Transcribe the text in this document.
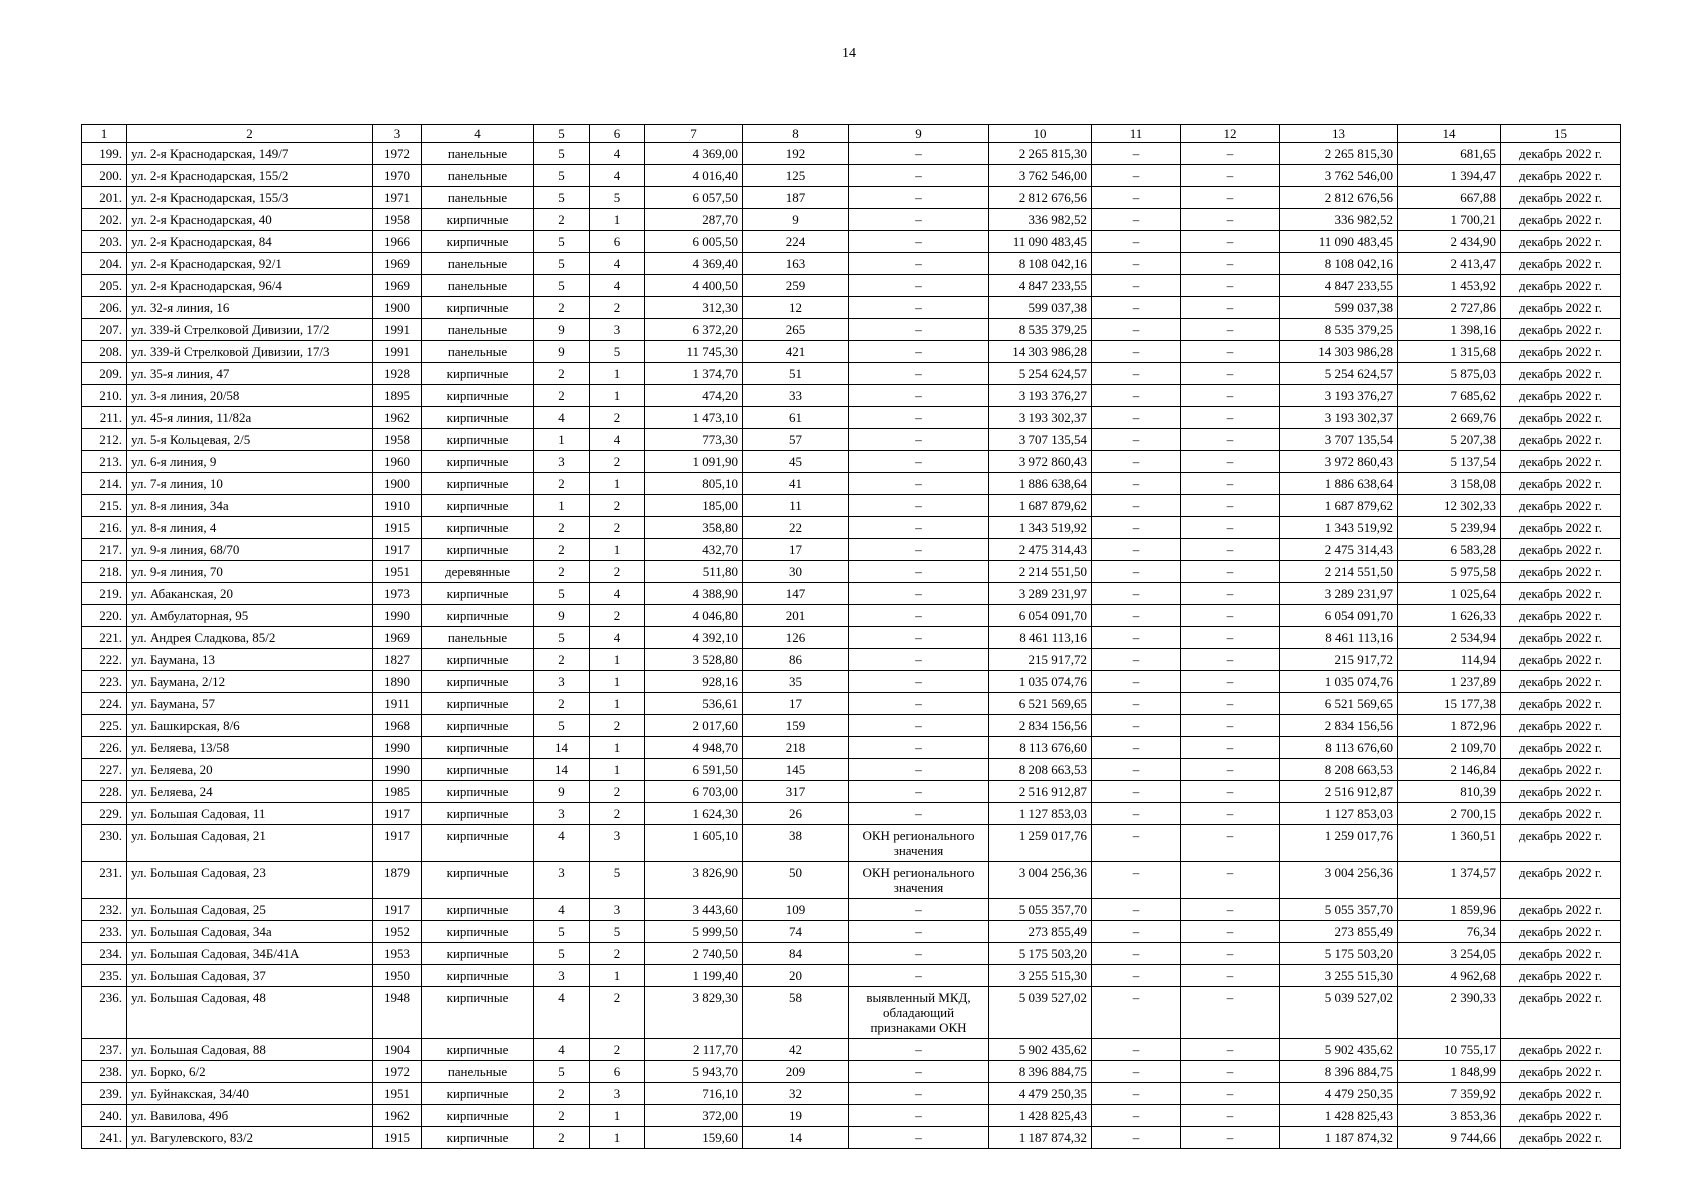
14
1	2	3	4	5	6	7	8	9	10	11	12	13	14	15
199.	ул. 2-я Краснодарская, 149/7	1972	панельные	5	4	4 369,00	192	–	2 265 815,30	–	–	2 265 815,30	681,65	декабрь 2022 г.
200.	ул. 2-я Краснодарская, 155/2	1970	панельные	5	4	4 016,40	125	–	3 762 546,00	–	–	3 762 546,00	1 394,47	декабрь 2022 г.
201.	ул. 2-я Краснодарская, 155/3	1971	панельные	5	5	6 057,50	187	–	2 812 676,56	–	–	2 812 676,56	667,88	декабрь 2022 г.
202.	ул. 2-я Краснодарская, 40	1958	кирпичные	2	1	287,70	9	–	336 982,52	–	–	336 982,52	1 700,21	декабрь 2022 г.
203.	ул. 2-я Краснодарская, 84	1966	кирпичные	5	6	6 005,50	224	–	11 090 483,45	–	–	11 090 483,45	2 434,90	декабрь 2022 г.
204.	ул. 2-я Краснодарская, 92/1	1969	панельные	5	4	4 369,40	163	–	8 108 042,16	–	–	8 108 042,16	2 413,47	декабрь 2022 г.
205.	ул. 2-я Краснодарская, 96/4	1969	панельные	5	4	4 400,50	259	–	4 847 233,55	–	–	4 847 233,55	1 453,92	декабрь 2022 г.
206.	ул. 32-я линия, 16	1900	кирпичные	2	2	312,30	12	–	599 037,38	–	–	599 037,38	2 727,86	декабрь 2022 г.
207.	ул. 339-й Стрелковой Дивизии, 17/2	1991	панельные	9	3	6 372,20	265	–	8 535 379,25	–	–	8 535 379,25	1 398,16	декабрь 2022 г.
208.	ул. 339-й Стрелковой Дивизии, 17/3	1991	панельные	9	5	11 745,30	421	–	14 303 986,28	–	–	14 303 986,28	1 315,68	декабрь 2022 г.
209.	ул. 35-я линия, 47	1928	кирпичные	2	1	1 374,70	51	–	5 254 624,57	–	–	5 254 624,57	5 875,03	декабрь 2022 г.
210.	ул. 3-я линия, 20/58	1895	кирпичные	2	1	474,20	33	–	3 193 376,27	–	–	3 193 376,27	7 685,62	декабрь 2022 г.
211.	ул. 45-я линия, 11/82а	1962	кирпичные	4	2	1 473,10	61	–	3 193 302,37	–	–	3 193 302,37	2 669,76	декабрь 2022 г.
212.	ул. 5-я Кольцевая, 2/5	1958	кирпичные	1	4	773,30	57	–	3 707 135,54	–	–	3 707 135,54	5 207,38	декабрь 2022 г.
213.	ул. 6-я линия, 9	1960	кирпичные	3	2	1 091,90	45	–	3 972 860,43	–	–	3 972 860,43	5 137,54	декабрь 2022 г.
214.	ул. 7-я линия, 10	1900	кирпичные	2	1	805,10	41	–	1 886 638,64	–	–	1 886 638,64	3 158,08	декабрь 2022 г.
215.	ул. 8-я линия, 34а	1910	кирпичные	1	2	185,00	11	–	1 687 879,62	–	–	1 687 879,62	12 302,33	декабрь 2022 г.
216.	ул. 8-я линия, 4	1915	кирпичные	2	2	358,80	22	–	1 343 519,92	–	–	1 343 519,92	5 239,94	декабрь 2022 г.
217.	ул. 9-я линия, 68/70	1917	кирпичные	2	1	432,70	17	–	2 475 314,43	–	–	2 475 314,43	6 583,28	декабрь 2022 г.
218.	ул. 9-я линия, 70	1951	деревянные	2	2	511,80	30	–	2 214 551,50	–	–	2 214 551,50	5 975,58	декабрь 2022 г.
219.	ул. Абаканская, 20	1973	кирпичные	5	4	4 388,90	147	–	3 289 231,97	–	–	3 289 231,97	1 025,64	декабрь 2022 г.
220.	ул. Амбулаторная, 95	1990	кирпичные	9	2	4 046,80	201	–	6 054 091,70	–	–	6 054 091,70	1 626,33	декабрь 2022 г.
221.	ул. Андрея Сладкова, 85/2	1969	панельные	5	4	4 392,10	126	–	8 461 113,16	–	–	8 461 113,16	2 534,94	декабрь 2022 г.
222.	ул. Баумана, 13	1827	кирпичные	2	1	3 528,80	86	–	215 917,72	–	–	215 917,72	114,94	декабрь 2022 г.
223.	ул. Баумана, 2/12	1890	кирпичные	3	1	928,16	35	–	1 035 074,76	–	–	1 035 074,76	1 237,89	декабрь 2022 г.
224.	ул. Баумана, 57	1911	кирпичные	2	1	536,61	17	–	6 521 569,65	–	–	6 521 569,65	15 177,38	декабрь 2022 г.
225.	ул. Башкирская, 8/6	1968	кирпичные	5	2	2 017,60	159	–	2 834 156,56	–	–	2 834 156,56	1 872,96	декабрь 2022 г.
226.	ул. Беляева, 13/58	1990	кирпичные	14	1	4 948,70	218	–	8 113 676,60	–	–	8 113 676,60	2 109,70	декабрь 2022 г.
227.	ул. Беляева, 20	1990	кирпичные	14	1	6 591,50	145	–	8 208 663,53	–	–	8 208 663,53	2 146,84	декабрь 2022 г.
228.	ул. Беляева, 24	1985	кирпичные	9	2	6 703,00	317	–	2 516 912,87	–	–	2 516 912,87	810,39	декабрь 2022 г.
229.	ул. Большая Садовая, 11	1917	кирпичные	3	2	1 624,30	26	–	1 127 853,03	–	–	1 127 853,03	2 700,15	декабрь 2022 г.
230.	ул. Большая Садовая, 21	1917	кирпичные	4	3	1 605,10	38	ОКН регионального значения	1 259 017,76	–	–	1 259 017,76	1 360,51	декабрь 2022 г.
231.	ул. Большая Садовая, 23	1879	кирпичные	3	5	3 826,90	50	ОКН регионального значения	3 004 256,36	–	–	3 004 256,36	1 374,57	декабрь 2022 г.
232.	ул. Большая Садовая, 25	1917	кирпичные	4	3	3 443,60	109	–	5 055 357,70	–	–	5 055 357,70	1 859,96	декабрь 2022 г.
233.	ул. Большая Садовая, 34а	1952	кирпичные	5	5	5 999,50	74	–	273 855,49	–	–	273 855,49	76,34	декабрь 2022 г.
234.	ул. Большая Садовая, 34Б/41А	1953	кирпичные	5	2	2 740,50	84	–	5 175 503,20	–	–	5 175 503,20	3 254,05	декабрь 2022 г.
235.	ул. Большая Садовая, 37	1950	кирпичные	3	1	1 199,40	20	–	3 255 515,30	–	–	3 255 515,30	4 962,68	декабрь 2022 г.
236.	ул. Большая Садовая, 48	1948	кирпичные	4	2	3 829,30	58	выявленный МКД, обладающий признаками ОКН	5 039 527,02	–	–	5 039 527,02	2 390,33	декабрь 2022 г.
237.	ул. Большая Садовая, 88	1904	кирпичные	4	2	2 117,70	42	–	5 902 435,62	–	–	5 902 435,62	10 755,17	декабрь 2022 г.
238.	ул. Борко, 6/2	1972	панельные	5	6	5 943,70	209	–	8 396 884,75	–	–	8 396 884,75	1 848,99	декабрь 2022 г.
239.	ул. Буйнакская, 34/40	1951	кирпичные	2	3	716,10	32	–	4 479 250,35	–	–	4 479 250,35	7 359,92	декабрь 2022 г.
240.	ул. Вавилова, 49б	1962	кирпичные	2	1	372,00	19	–	1 428 825,43	–	–	1 428 825,43	3 853,36	декабрь 2022 г.
241.	ул. Вагулевского, 83/2	1915	кирпичные	2	1	159,60	14	–	1 187 874,32	–	–	1 187 874,32	9 744,66	декабрь 2022 г.
